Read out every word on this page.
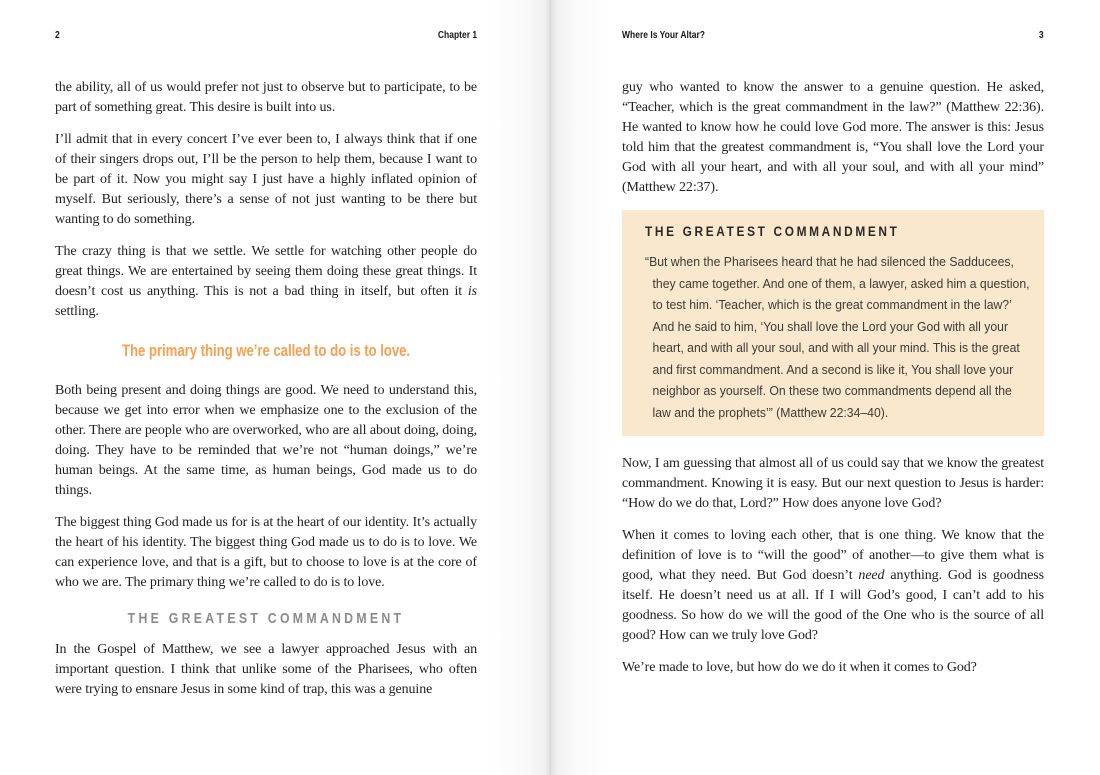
2	Chapter 1

the ability, all of us would prefer not just to observe but to participate, to be part of something great. This desire is built into us.

I’ll admit that in every concert I’ve ever been to, I always think that if one of their singers drops out, I’ll be the person to help them, because I want to be part of it. Now you might say I just have a highly inflated opinion of myself. But seriously, there’s a sense of not just wanting to be there but wanting to do something.

The crazy thing is that we settle. We settle for watching other people do great things. We are entertained by seeing them doing these great things. It doesn’t cost us anything. This is not a bad thing in itself, but often it is settling.

The primary thing we’re called to do is to love.

Both being present and doing things are good. We need to understand this, because we get into error when we emphasize one to the exclusion of the other. There are people who are overworked, who are all about doing, doing, doing. They have to be reminded that we’re not “human doings,” we’re human beings. At the same time, as human beings, God made us to do things.

The biggest thing God made us for is at the heart of our identity. It’s actually the heart of his identity. The biggest thing God made us to do is to love. We can experience love, and that is a gift, but to choose to love is at the core of who we are. The primary thing we’re called to do is to love.

THE GREATEST COMMANDMENT

In the Gospel of Matthew, we see a lawyer approached Jesus with an important question. I think that unlike some of the Pharisees, who often were trying to ensnare Jesus in some kind of trap, this was a genuine

Where Is Your Altar?	3

guy who wanted to know the answer to a genuine question. He asked, “Teacher, which is the great commandment in the law?” (Matthew 22:36). He wanted to know how he could love God more. The answer is this: Jesus told him that the greatest commandment is, “You shall love the Lord your God with all your heart, and with all your soul, and with all your mind” (Matthew 22:37).

THE GREATEST COMMANDMENT

“But when the Pharisees heard that he had silenced the Sadducees, they came together. And one of them, a lawyer, asked him a question, to test him. ‘Teacher, which is the great commandment in the law?’ And he said to him, ‘You shall love the Lord your God with all your heart, and with all your soul, and with all your mind. This is the great and first commandment. And a second is like it, You shall love your neighbor as yourself. On these two commandments depend all the law and the prophets’” (Matthew 22:34–40).

Now, I am guessing that almost all of us could say that we know the greatest commandment. Knowing it is easy. But our next question to Jesus is harder: “How do we do that, Lord?” How does anyone love God?

When it comes to loving each other, that is one thing. We know that the definition of love is to “will the good” of another—to give them what is good, what they need. But God doesn’t need anything. God is goodness itself. He doesn’t need us at all. If I will God’s good, I can’t add to his goodness. So how do we will the good of the One who is the source of all good? How can we truly love God?

We’re made to love, but how do we do it when it comes to God?
